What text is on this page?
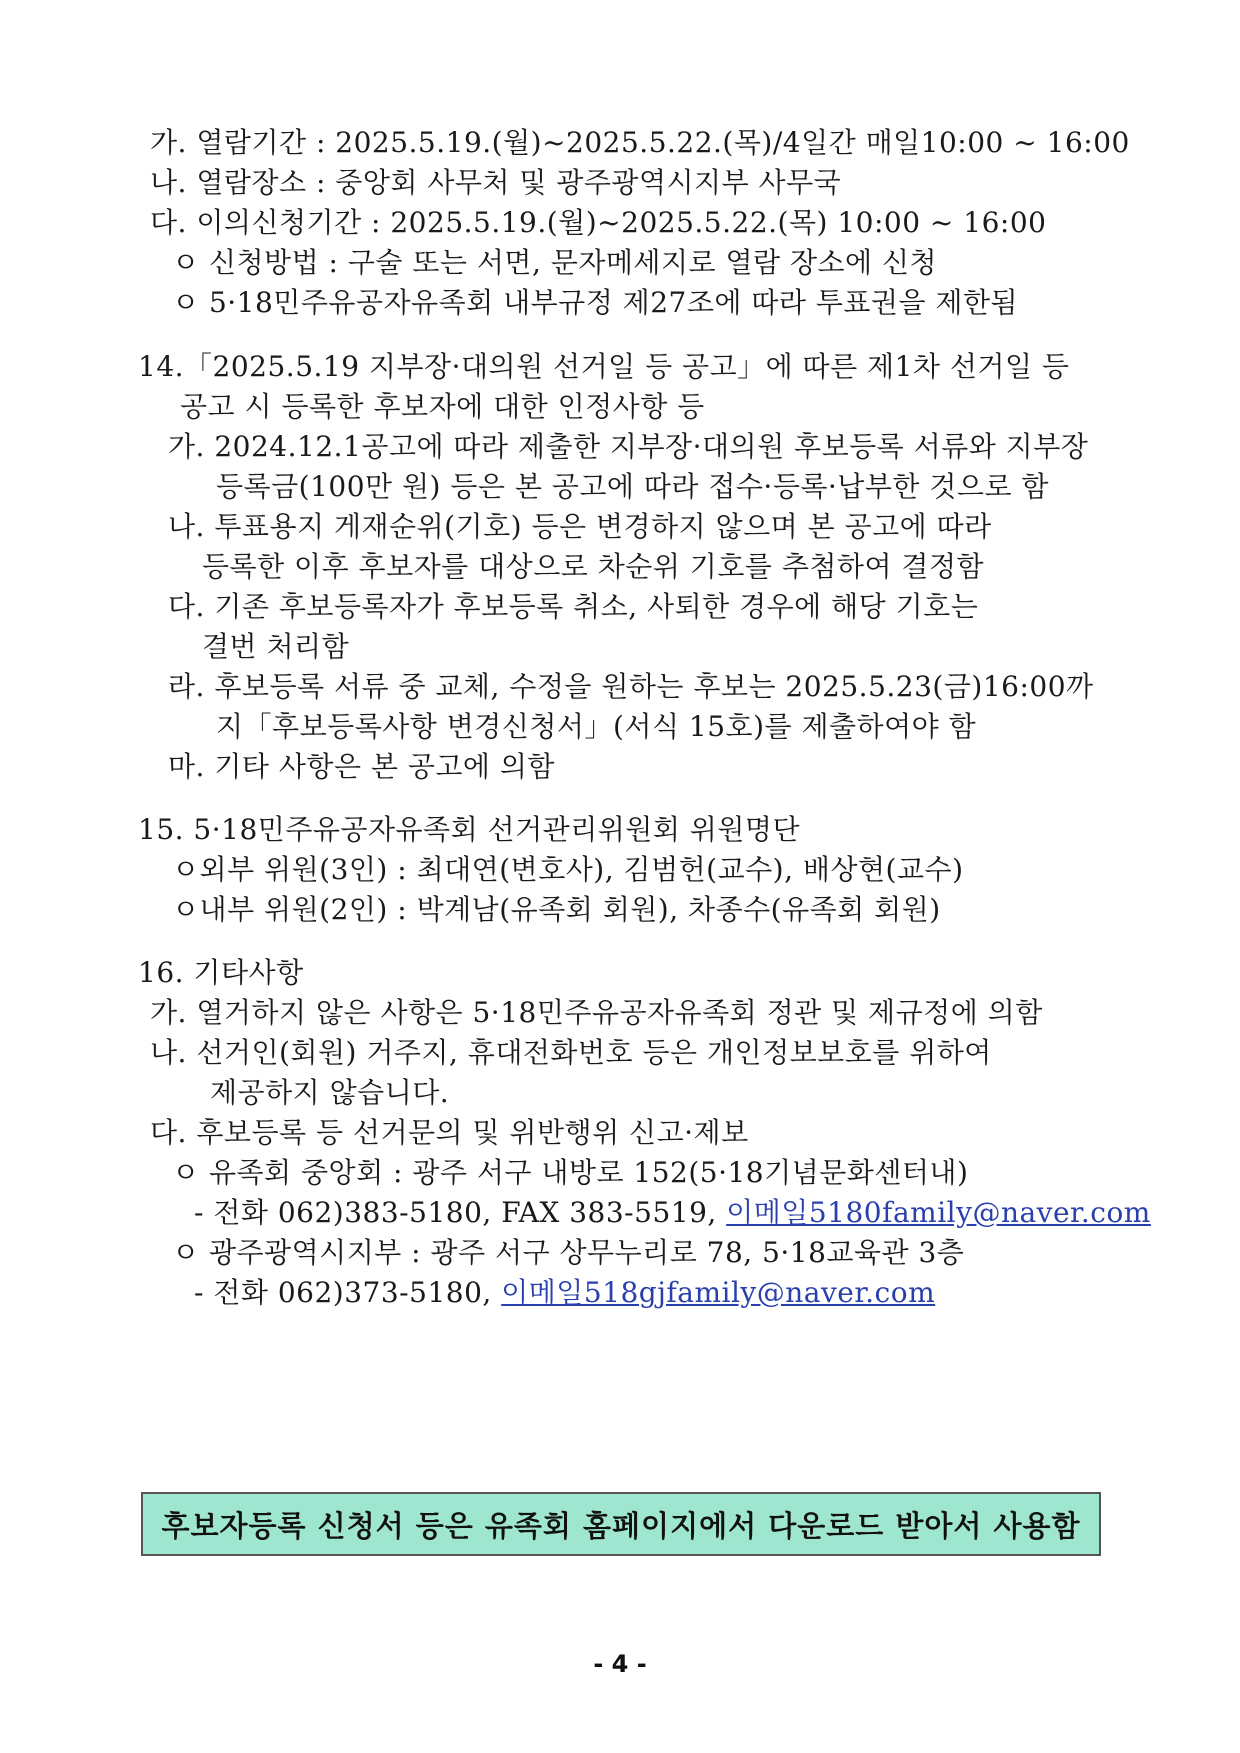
가. 열람기간 : 2025.5.19.(월)~2025.5.22.(목)/4일간 매일10:00 ~ 16:00
나. 열람장소 : 중앙회 사무처 및 광주광역시지부 사무국
다. 이의신청기간 : 2025.5.19.(월)~2025.5.22.(목) 10:00 ~ 16:00
ㅇ 신청방법 : 구술 또는 서면, 문자메세지로 열람 장소에 신청
ㅇ 5·18민주유공자유족회 내부규정 제27조에 따라 투표권을 제한됨
14.「2025.5.19 지부장·대의원 선거일 등 공고」에 따른 제1차 선거일 등
공고 시 등록한 후보자에 대한 인정사항 등
가. 2024.12.1공고에 따라 제출한 지부장·대의원 후보등록 서류와 지부장
등록금(100만 원) 등은 본 공고에 따라 접수·등록·납부한 것으로 함
나. 투표용지 게재순위(기호) 등은 변경하지 않으며 본 공고에 따라
등록한 이후 후보자를 대상으로 차순위 기호를 추첨하여 결정함
다. 기존 후보등록자가 후보등록 취소, 사퇴한 경우에 해당 기호는
결번 처리함
라. 후보등록 서류 중 교체, 수정을 원하는 후보는 2025.5.23(금)16:00까
지「후보등록사항 변경신청서」(서식 15호)를 제출하여야 함
마. 기타 사항은 본 공고에 의함
15. 5·18민주유공자유족회 선거관리위원회 위원명단
ㅇ외부 위원(3인) : 최대연(변호사), 김범헌(교수), 배상현(교수)
ㅇ내부 위원(2인) : 박계남(유족회 회원), 차종수(유족회 회원)
16. 기타사항
가. 열거하지 않은 사항은 5·18민주유공자유족회 정관 및 제규정에 의함
나. 선거인(회원) 거주지, 휴대전화번호 등은 개인정보보호를 위하여
제공하지 않습니다.
다. 후보등록 등 선거문의 및 위반행위 신고·제보
ㅇ 유족회 중앙회 : 광주 서구 내방로 152(5·18기념문화센터내)
- 전화 062)383-5180, FAX 383-5519, 이메일5180family@naver.com
ㅇ 광주광역시지부 : 광주 서구 상무누리로 78, 5·18교육관 3층
- 전화 062)373-5180, 이메일518gjfamily@naver.com
후보자등록 신청서 등은 유족회 홈페이지에서 다운로드 받아서 사용함
- 4 -
